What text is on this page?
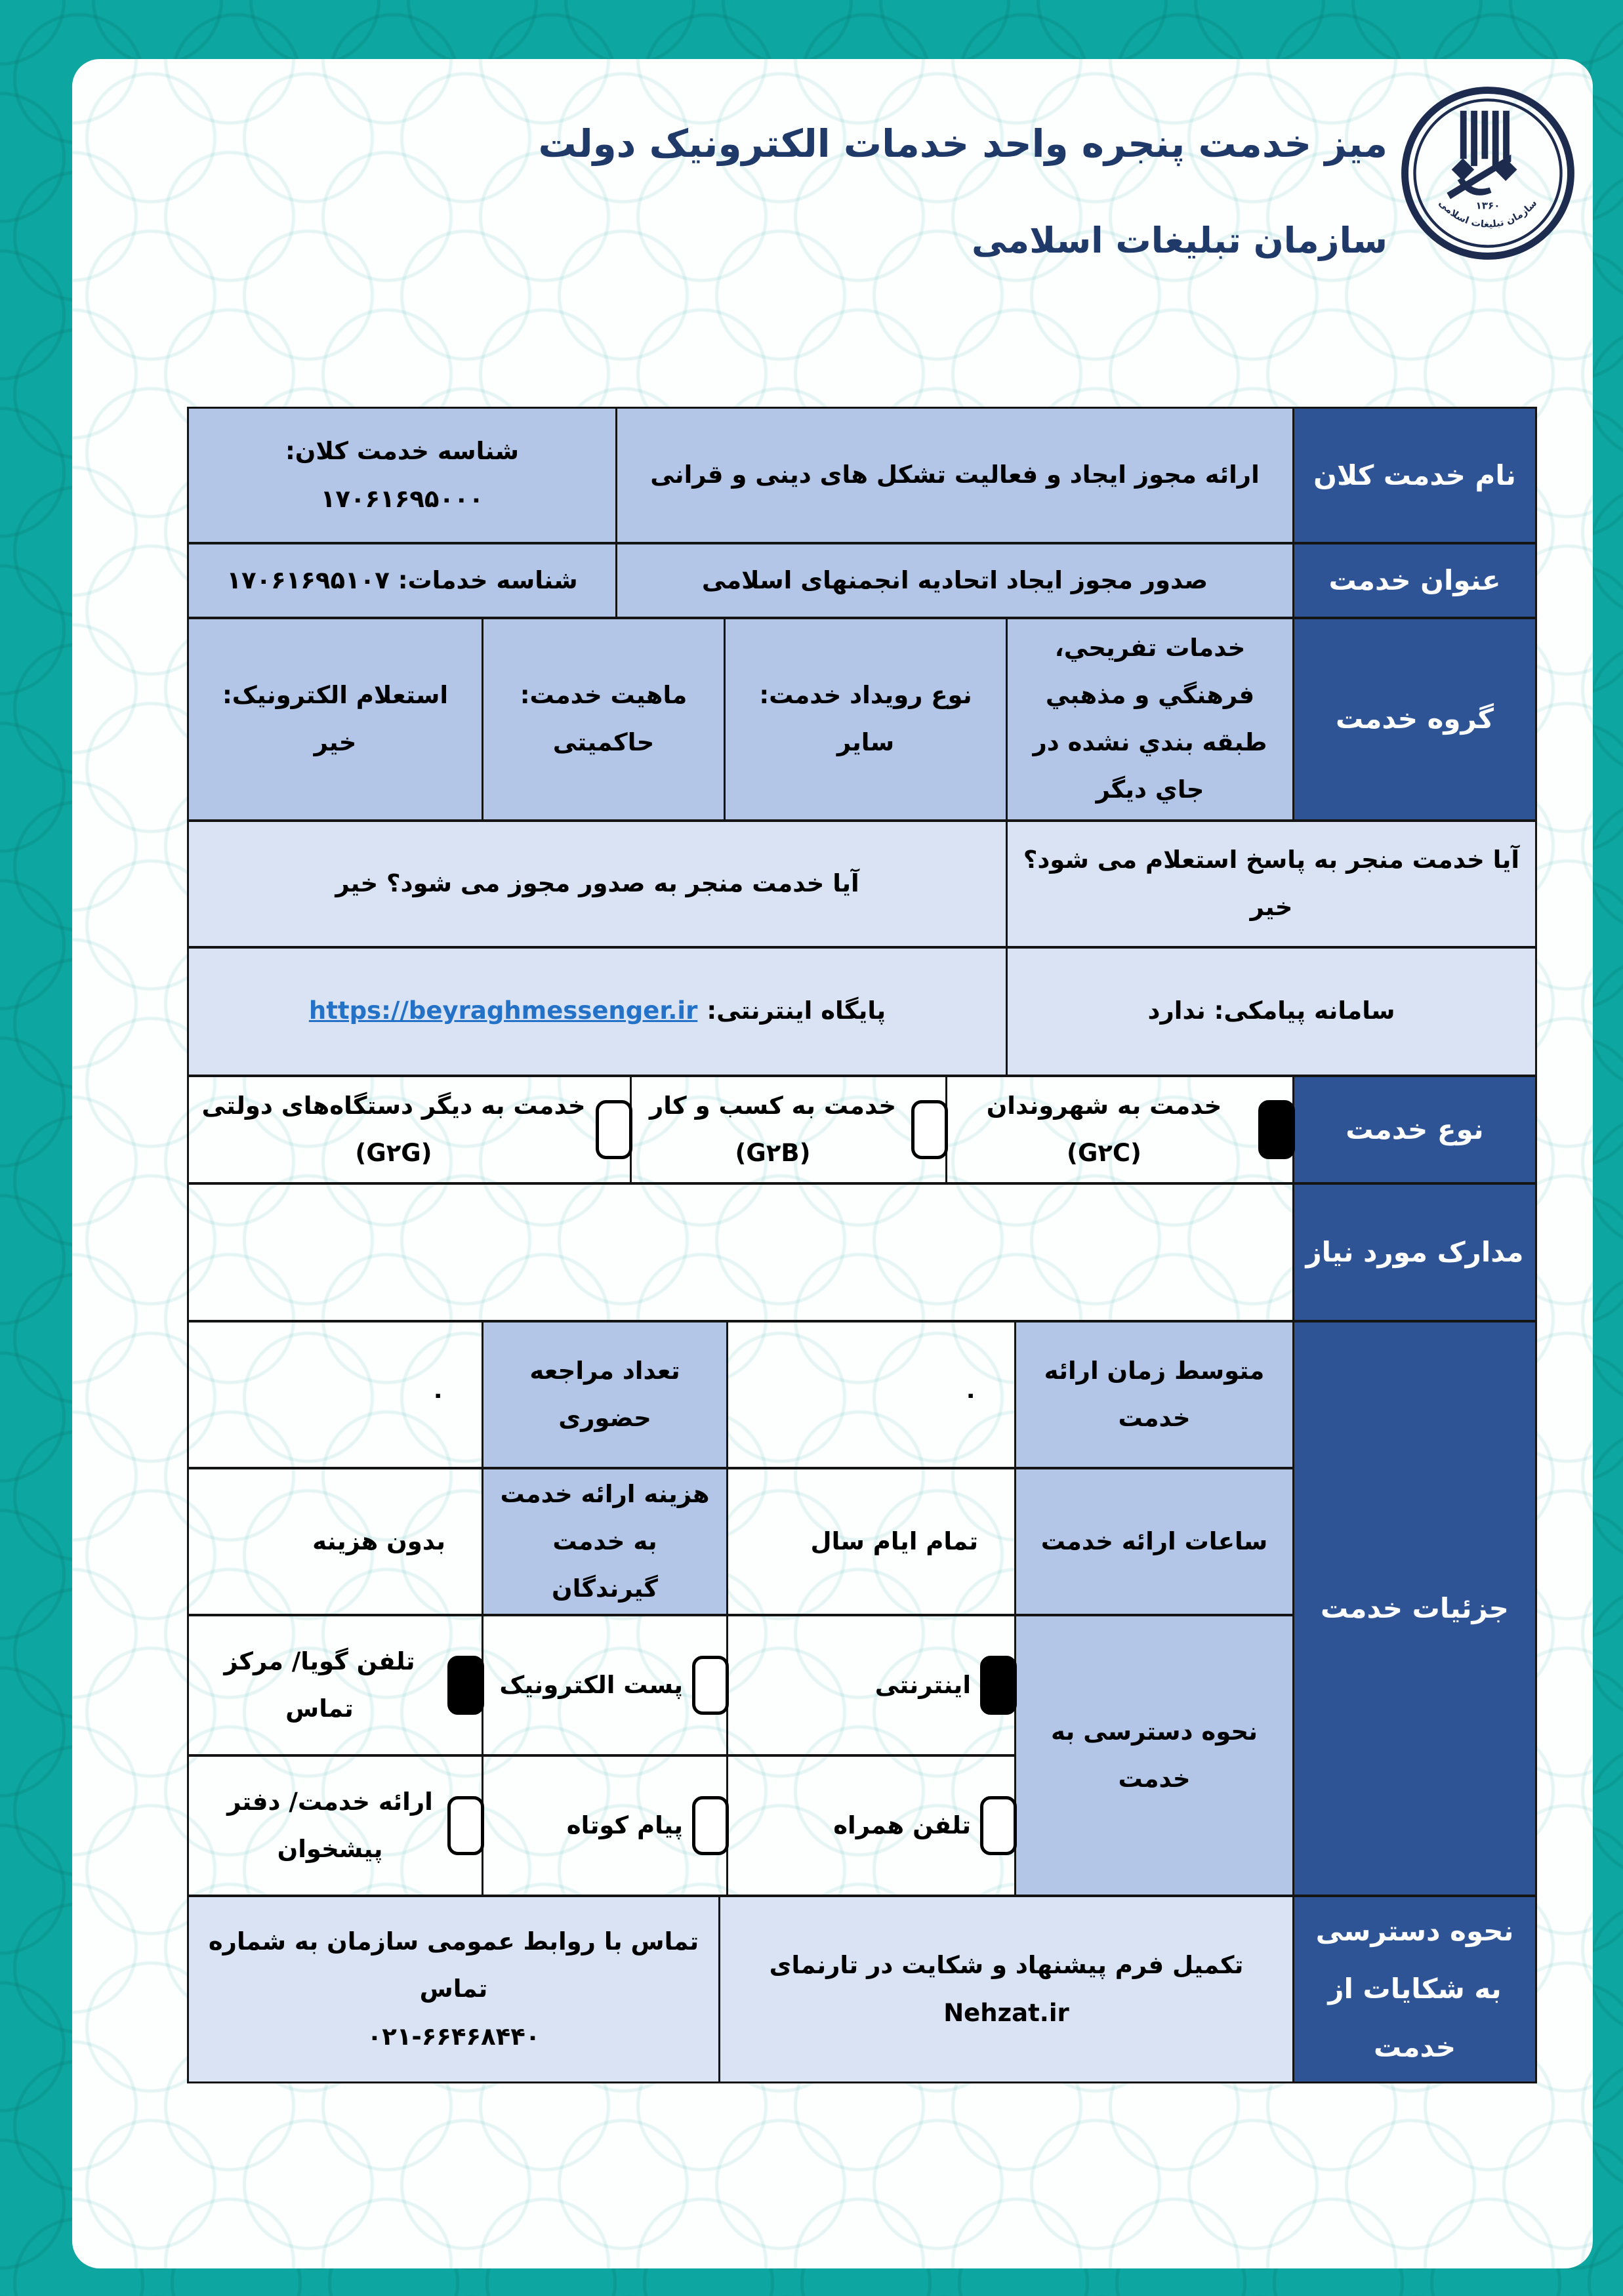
میز خدمت پنجره واحد خدمات الکترونیک دولت
سازمان تبلیغات اسلامی
۱۳۶۰
سازمان تبلیغات اسلامی
نام خدمت کلان
ارائه مجوز ایجاد و فعالیت تشکل های دینی و قرانی
شناسه خدمت کلان: ۱۷۰۶۱۶۹۵۰۰۰
عنوان خدمت
صدور مجوز ایجاد اتحادیه انجمنهای اسلامی
شناسه خدمات: ۱۷۰۶۱۶۹۵۱۰۷
گروه خدمت
خدمات تفریحي، فرهنگي و مذهبي طبقه بندي نشده در جاي دیگر
نوع رویداد خدمت:
سایر
ماهیت خدمت:
حاکمیتی
استعلام الکترونیک:
خیر
آیا خدمت منجر به پاسخ استعلام می شود؟ خیر
آیا خدمت منجر به صدور مجوز می شود؟ خیر
سامانه پیامکی: ندارد
پایگاه اینترنتی:
https://beyraghmessenger.ir
نوع خدمت
خدمت به شهروندان (G۲C)
خدمت به کسب و کار (G۲B)
خدمت به دیگر دستگاه‌های دولتی (G۲G)
مدارک مورد نیاز
جزئیات خدمت
متوسط زمان ارائه خدمت
۰
تعداد مراجعه حضوری
۰
ساعات ارائه خدمت
تمام ایام سال
هزینه ارائه خدمت به خدمت گیرندگان
بدون هزینه
نحوه دسترسی به خدمت
اینترنتی
پست الکترونیک
تلفن گویا/ مرکز تماس
تلفن همراه
پیام کوتاه
ارائه خدمت/ دفتر پیشخوان
نحوه دسترسی به شکایات از خدمت
تکمیل فرم پیشنهاد و شکایت در تارنمای Nehzat.ir
تماس با روابط عمومی سازمان به شماره تماس
۰۲۱-۶۶۴۶۸۴۴۰
